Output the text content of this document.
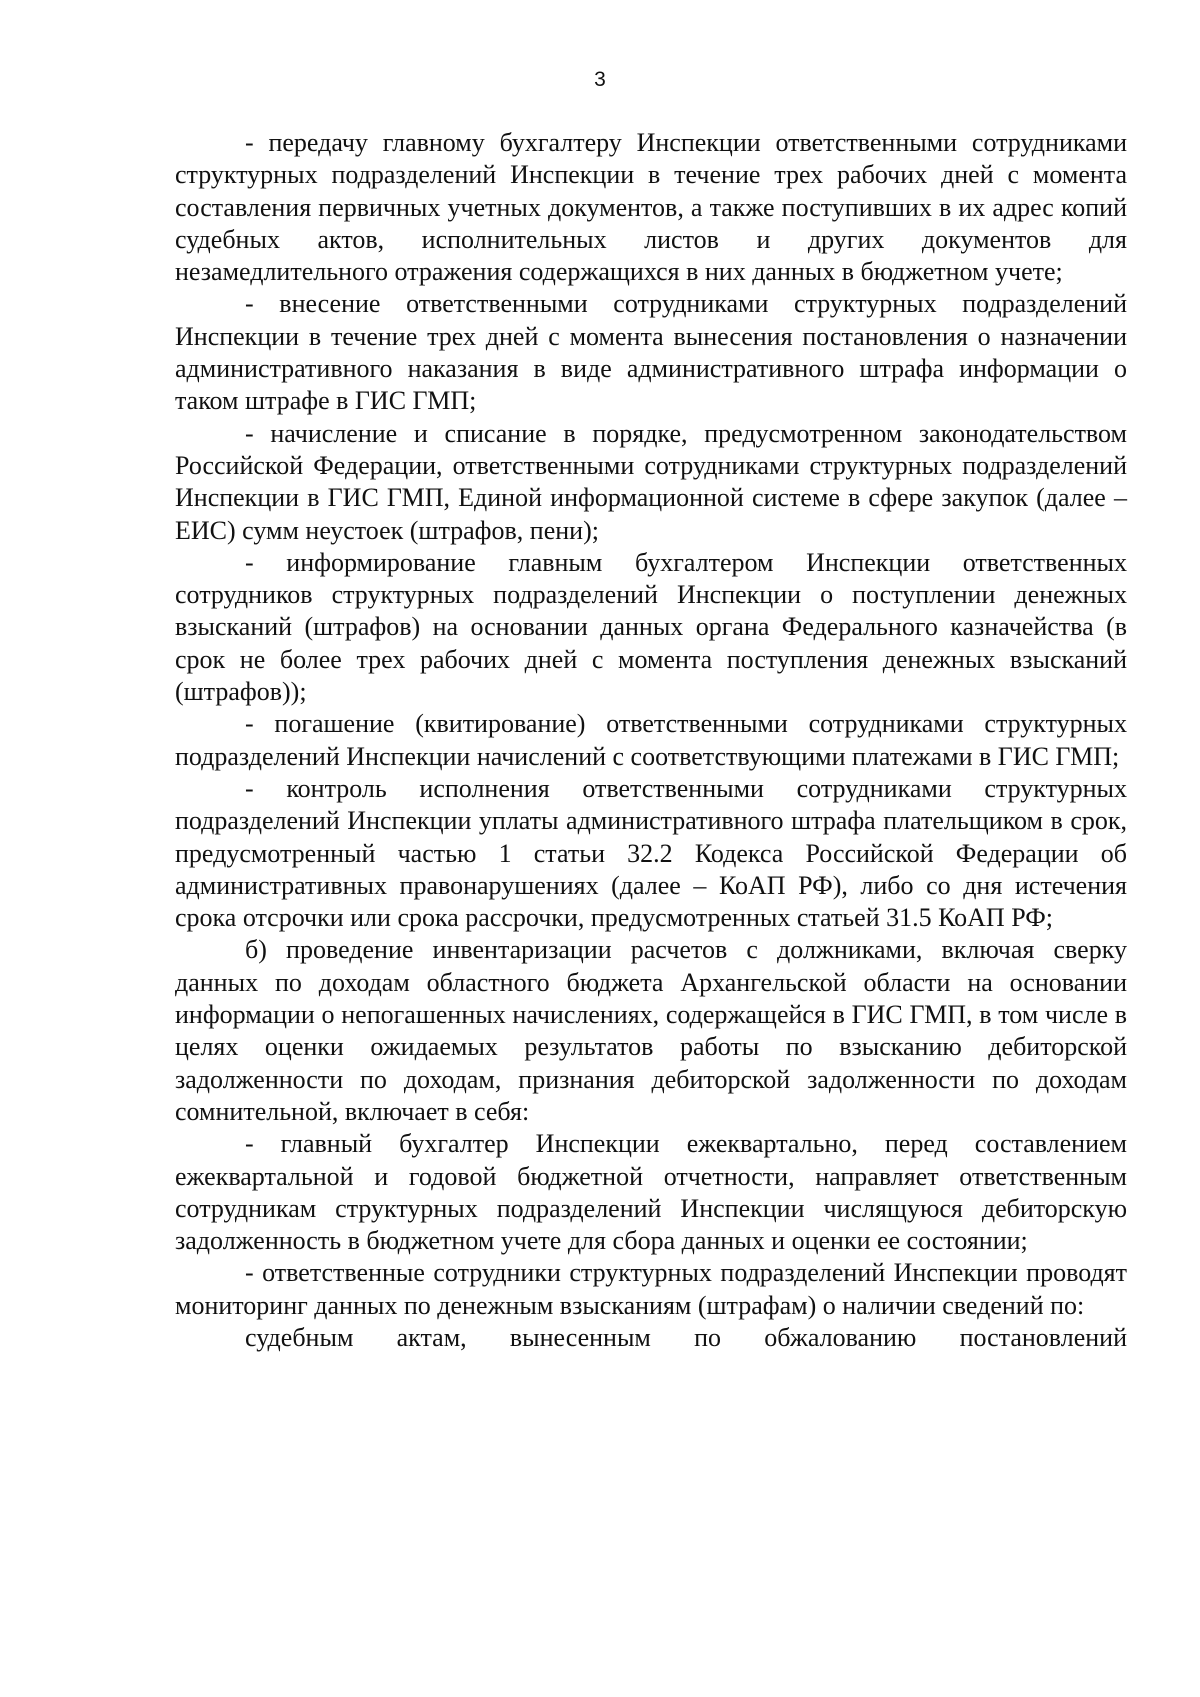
3

- передачу главному бухгалтеру Инспекции ответственными сотрудниками структурных подразделений Инспекции в течение трех рабочих дней с момента составления первичных учетных документов, а также поступивших в их адрес копий судебных актов, исполнительных листов и других документов для незамедлительного отражения содержащихся в них данных в бюджетном учете;

- внесение ответственными сотрудниками структурных подразделений Инспекции в течение трех дней с момента вынесения постановления о назначении административного наказания в виде административного штрафа информации о таком штрафе в ГИС ГМП;

- начисление и списание в порядке, предусмотренном законодательством Российской Федерации, ответственными сотрудниками структурных подразделений Инспекции в ГИС ГМП, Единой информационной системе в сфере закупок (далее – ЕИС) сумм неустоек (штрафов, пени);

- информирование главным бухгалтером Инспекции ответственных сотрудников структурных подразделений Инспекции о поступлении денежных взысканий (штрафов) на основании данных органа Федерального казначейства (в срок не более трех рабочих дней с момента поступления денежных взысканий (штрафов));

- погашение (квитирование) ответственными сотрудниками структурных подразделений Инспекции начислений с соответствующими платежами в ГИС ГМП;

- контроль исполнения ответственными сотрудниками структурных подразделений Инспекции уплаты административного штрафа плательщиком в срок, предусмотренный частью 1 статьи 32.2 Кодекса Российской Федерации об административных правонарушениях (далее – КоАП РФ), либо со дня истечения срока отсрочки или срока рассрочки, предусмотренных статьей 31.5 КоАП РФ;

б) проведение инвентаризации расчетов с должниками, включая сверку данных по доходам областного бюджета Архангельской области на основании информации о непогашенных начислениях, содержащейся в ГИС ГМП, в том числе в целях оценки ожидаемых результатов работы по взысканию дебиторской задолженности по доходам, признания дебиторской задолженности по доходам сомнительной, включает в себя:

- главный бухгалтер Инспекции ежеквартально, перед составлением ежеквартальной и годовой бюджетной отчетности, направляет ответственным сотрудникам структурных подразделений Инспекции числящуюся дебиторскую задолженность в бюджетном учете для сбора данных и оценки ее состоянии;

- ответственные сотрудники структурных подразделений Инспекции проводят мониторинг данных по денежным взысканиям (штрафам) о наличии сведений по:

судебным актам, вынесенным по обжалованию постановлений
